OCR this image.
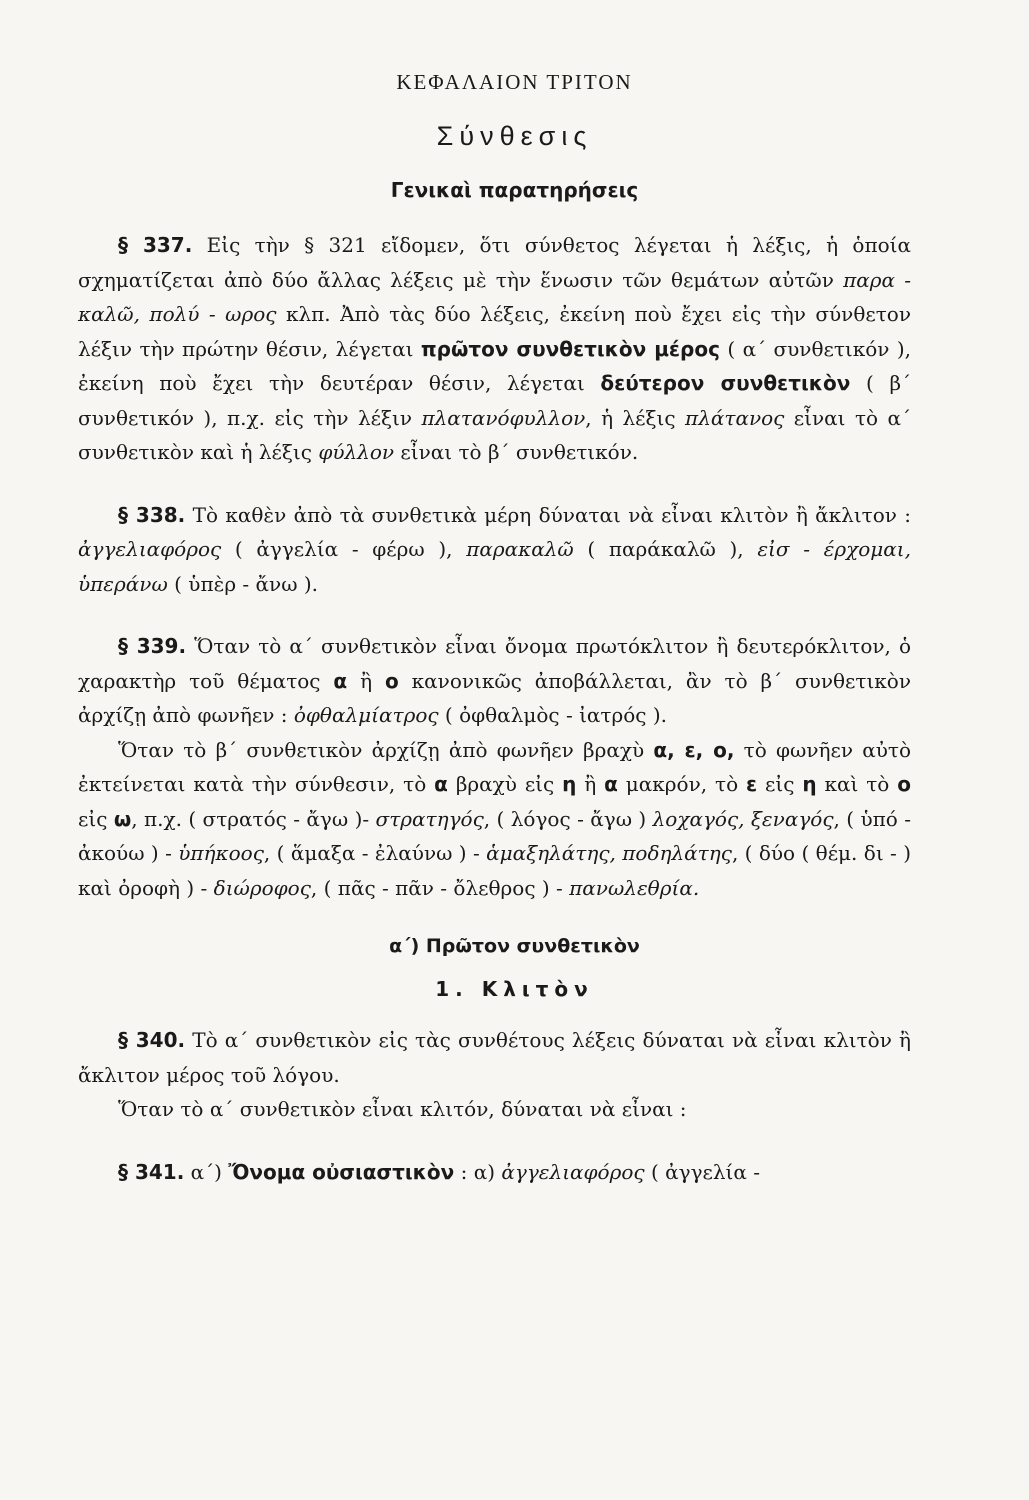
ΚΕΦΑΛΑΙΟΝ ΤΡΙΤΟΝ
Σύνθεσις
Γενικαὶ παρατηρήσεις

§ 337. Εἰς τὴν § 321 εἴδομεν, ὅτι σύνθετος λέγεται ἡ λέξις, ἡ ὁποία σχηματίζεται ἀπὸ δύο ἄλλας λέξεις μὲ τὴν ἕνωσιν τῶν θεμάτων αὐτῶν παρα - καλῶ, πολύ - ωρος κλπ. Ἀπὸ τὰς δύο λέξεις, ἐκείνη ποὺ ἔχει εἰς τὴν σύνθετον λέξιν τὴν πρώτην θέσιν, λέγεται πρῶτον συνθετικὸν μέρος ( α΄ συνθετικόν ), ἐκείνη ποὺ ἔχει τὴν δευτέραν θέσιν, λέγεται δεύτερον συνθετικὸν ( β΄ συνθετικόν ), π.χ. εἰς τὴν λέξιν πλατανόφυλλον, ἡ λέξις πλάτανος εἶναι τὸ α΄ συνθετικὸν καὶ ἡ λέξις φύλλον εἶναι τὸ β΄ συνθετικόν.

§ 338. Τὸ καθὲν ἀπὸ τὰ συνθετικὰ μέρη δύναται νὰ εἶναι κλιτὸν ἢ ἄκλιτον : ἀγγελιαφόρος ( ἀγγελία - φέρω ), παρακαλῶ ( παράκαλῶ ), εἰσ - έρχομαι, ὑπεράνω ( ὑπὲρ - ἄνω ).

§ 339. Ὅταν τὸ α΄ συνθετικὸν εἶναι ὄνομα πρωτόκλιτον ἢ δευτερόκλιτον, ὁ χαρακτὴρ τοῦ θέματος α ἢ ο κανονικῶς ἀποβάλλεται, ἂν τὸ β΄ συνθετικὸν ἀρχίζῃ ἀπὸ φωνῆεν : ὀφθαλμίατρος ( ὀφθαλμὸς - ἰατρός ).

Ὅταν τὸ β΄ συνθετικὸν ἀρχίζῃ ἀπὸ φωνῆεν βραχὺ α, ε, ο, τὸ φωνῆεν αὐτὸ ἐκτείνεται κατὰ τὴν σύνθεσιν, τὸ α βραχὺ εἰς η ἢ α μακρόν, τὸ ε εἰς η καὶ τὸ ο εἰς ω, π.χ. ( στρατός - ἄγω )- στρατηγός, ( λόγος - ἄγω ) λοχαγός, ξεναγός, ( ὑπό - ἀκούω ) - ὑπήκοος, ( ἅμαξα - ἐλαύνω ) - ἁμαξηλάτης, ποδηλάτης, ( δύο ( θέμ. δι - ) καὶ ὀροφὴ ) - διώροφος, ( πᾶς - πᾶν - ὄλεθρος ) - πανωλεθρία.

α΄) Πρῶτον συνθετικὸν
1. Κλιτὸν

§ 340. Τὸ α΄ συνθετικὸν εἰς τὰς συνθέτους λέξεις δύναται νὰ εἶναι κλιτὸν ἢ ἄκλιτον μέρος τοῦ λόγου.

Ὅταν τὸ α΄ συνθετικὸν εἶναι κλιτόν, δύναται νὰ εἶναι :

§ 341. α΄) Ὄνομα οὐσιαστικὸν : α) ἀγγελιαφόρος ( ἀγγελία -
